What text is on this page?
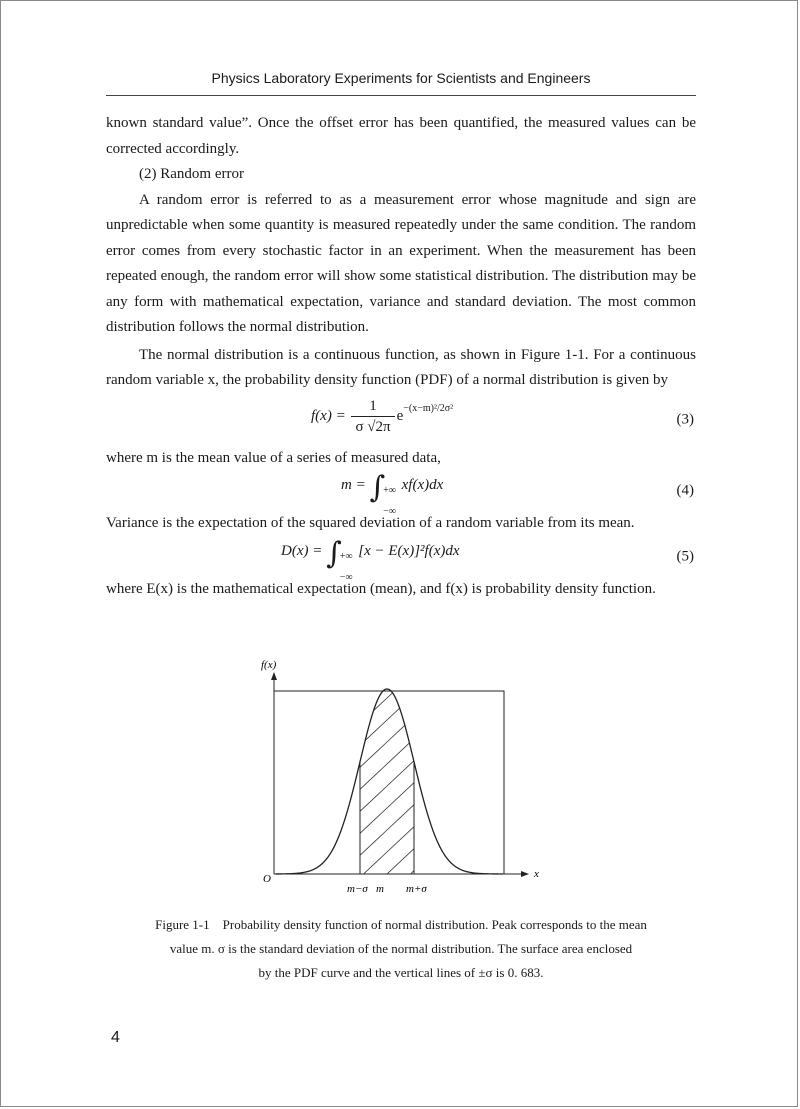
Physics Laboratory Experiments for Scientists and Engineers

known standard value”. Once the offset error has been quantified, the measured values can be corrected accordingly.

(2) Random error

A random error is referred to as a measurement error whose magnitude and sign are unpredictable when some quantity is measured repeatedly under the same condition. The random error comes from every stochastic factor in an experiment. When the measurement has been repeated enough, the random error will show some statistical distribution. The distribution may be any form with mathematical expectation, variance and standard deviation. The most common distribution follows the normal distribution.

The normal distribution is a continuous function, as shown in Figure 1-1. For a continuous random variable x, the probability density function (PDF) of a normal distribution is given by

$f(x) = \frac{1}{\sigma √2\pi} e^{-(x-m)^2/2\sigma^2}$
(3)

where m is the mean value of a series of measured data,

m = ∫
+∞
−∞
xf(x)dx	(4)

Variance is the expectation of the squared deviation of a random variable from its mean.

D(x) = ∫
+∞
−∞
[x − E(x)]²f(x)dx	(5)

where E(x) is the mathematical expectation (mean), and f(x) is probability density function.

f(x)
x
O
m−σ m m+σ
Figure 1-1    Probability density function of normal distribution. Peak corresponds to the mean
value m. σ is the standard deviation of the normal distribution. The surface area enclosed
by the PDF curve and the vertical lines of ±σ is 0. 683.
4
